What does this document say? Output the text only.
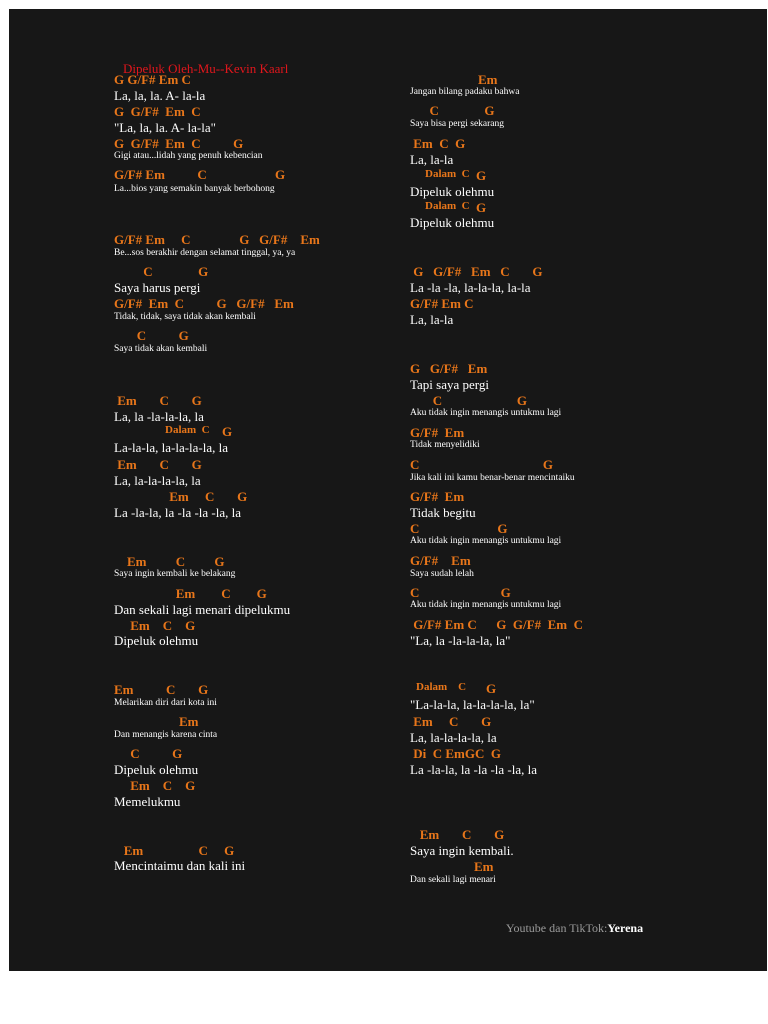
Dipeluk Oleh-Mu--Kevin Kaarl
G G/F# Em C
La, la, la. A- la-la
G  G/F#  Em  C
"La, la, la. A- la-la"
G  G/F#  Em  C          G
Gigi atau...lidah yang penuh kebencian
G/F# Em          C                     G
La...bios yang semakin banyak berbohong
G/F# Em     C               G   G/F#    Em
Be...sos berakhir dengan selamat tinggal, ya, ya
C              G
Saya harus pergi
G/F#  Em  C          G   G/F#   Em
Tidak, tidak, saya tidak akan kembali
C          G
Saya tidak akan kembali
Em       C       G
La, la -la-la-la, la
Dalam  C G
La-la-la, la-la-la-la, la
Em       C       G
La, la-la-la-la, la
Em     C       G
La -la-la, la -la -la -la, la
Em         C         G
Saya ingin kembali ke belakang
Em        C        G
Dan sekali lagi menari dipelukmu
Em    C    G
Dipeluk olehmu
Em          C       G
Melarikan diri dari kota ini
Em
Dan menangis karena cinta
C          G
Dipeluk olehmu
Em    C    G
Memelukmu
Em                 C     G
Mencintaimu dan kali ini
Em
Jangan bilang padaku bahwa
C              G
Saya bisa pergi sekarang
Em  C  G
La, la-la
Dalam  C G
Dipeluk olehmu
Dalam  C G
Dipeluk olehmu
G   G/F#   Em   C       G
La -la -la, la-la-la, la-la
G/F# Em C
La, la-la
G   G/F#   Em
Tapi saya pergi
C                       G
Aku tidak ingin menangis untukmu lagi
G/F#  Em
Tidak menyelidiki
C                                      G
Jika kali ini kamu benar-benar mencintaiku
G/F#  Em
Tidak begitu
C                        G
Aku tidak ingin menangis untukmu lagi
G/F#    Em
Saya sudah lelah
C                         G
Aku tidak ingin menangis untukmu lagi
G/F# Em C      G  G/F#  Em  C
"La, la -la-la-la, la"
Dalam    C G
"La-la-la, la-la-la-la, la"
Em     C       G
La, la-la-la-la, la
Di  C EmGC  G
La -la-la, la -la -la -la, la
Em       C       G
Saya ingin kembali.
Em
Dan sekali lagi menari
Youtube dan TikTok:Yerena
